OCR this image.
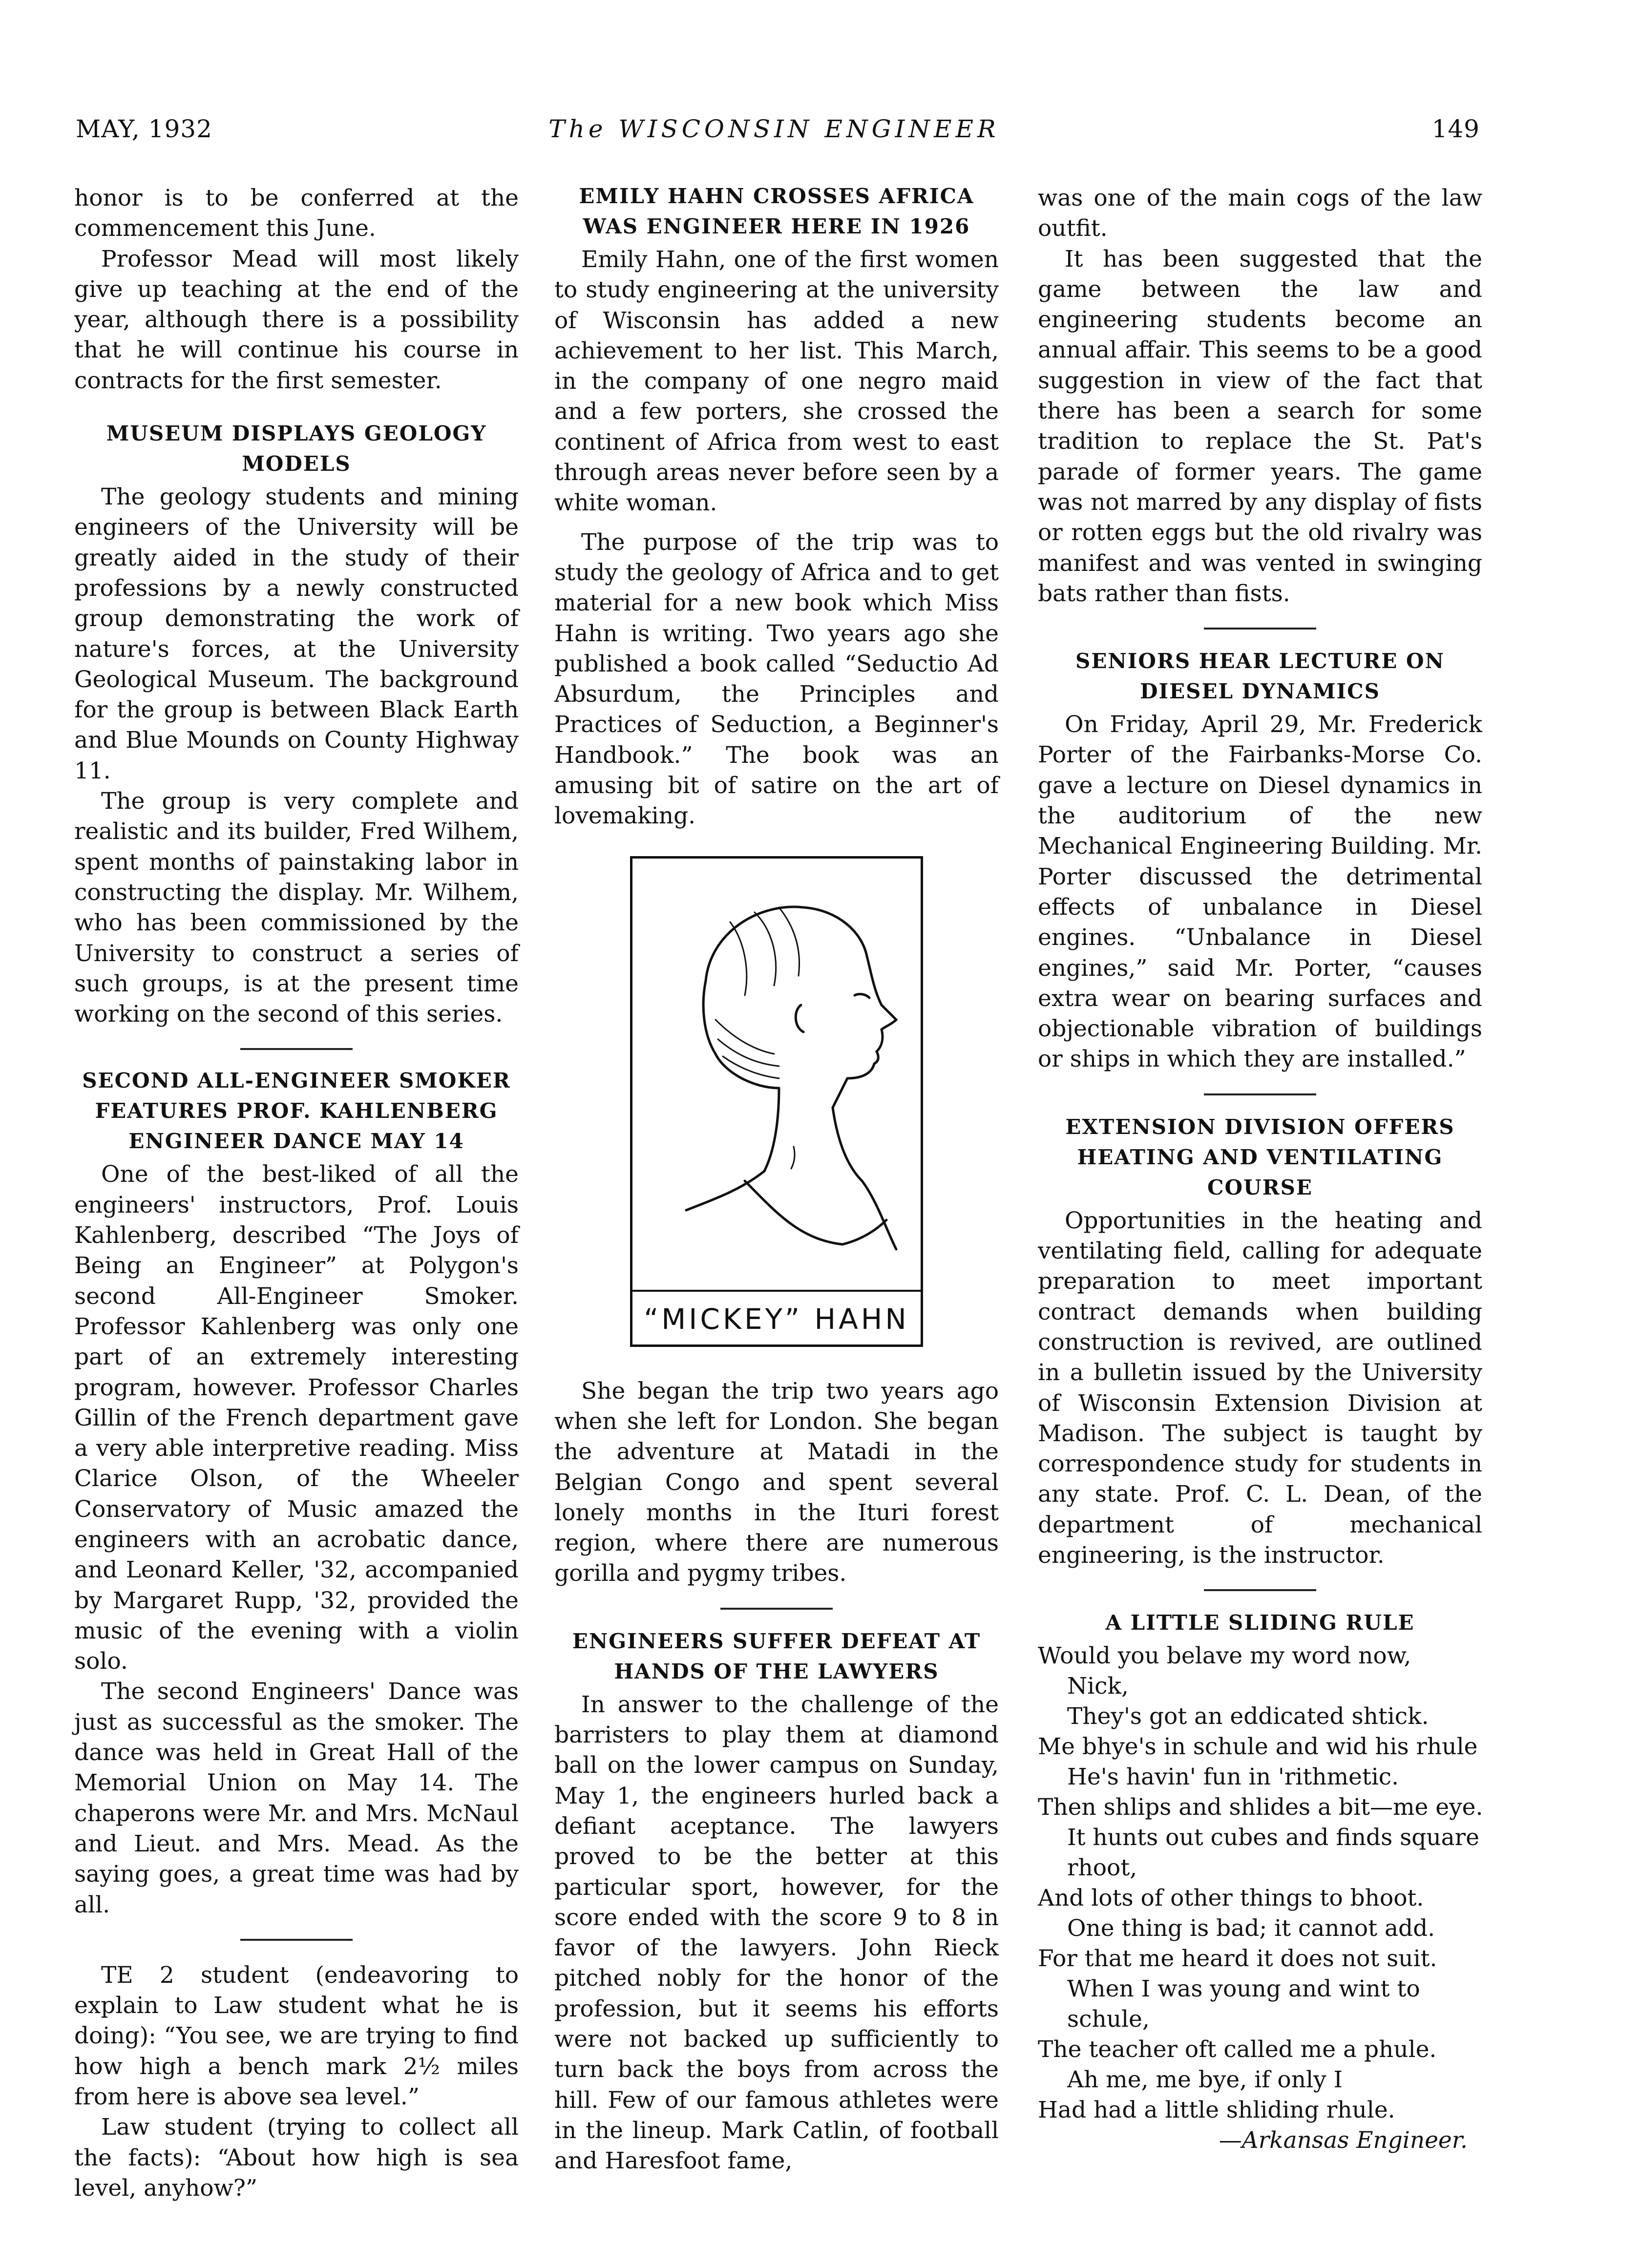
MAY, 1932	The WISCONSIN ENGINEER	149

honor is to be conferred at the commencement this June.

Professor Mead will most likely give up teaching at the end of the year, although there is a possibility that he will continue his course in contracts for the first semester.

MUSEUM DISPLAYS GEOLOGY MODELS

The geology students and mining engineers of the University will be greatly aided in the study of their professions by a newly constructed group demonstrating the work of nature's forces, at the University Geological Museum. The background for the group is between Black Earth and Blue Mounds on County Highway 11.

The group is very complete and realistic and its builder, Fred Wilhem, spent months of painstaking labor in constructing the display. Mr. Wilhem, who has been commissioned by the University to construct a series of such groups, is at the present time working on the second of this series.

SECOND ALL-ENGINEER SMOKER FEATURES PROF. KAHLENBERG ENGINEER DANCE MAY 14

One of the best-liked of all the engineers' instructors, Prof. Louis Kahlenberg, described “The Joys of Being an Engineer” at Polygon's second All-Engineer Smoker. Professor Kahlenberg was only one part of an extremely interesting program, however. Professor Charles Gillin of the French department gave a very able interpretive reading. Miss Clarice Olson, of the Wheeler Conservatory of Music amazed the engineers with an acrobatic dance, and Leonard Keller, '32, accompanied by Margaret Rupp, '32, provided the music of the evening with a violin solo.

The second Engineers' Dance was just as successful as the smoker. The dance was held in Great Hall of the Memorial Union on May 14. The chaperons were Mr. and Mrs. McNaul and Lieut. and Mrs. Mead. As the saying goes, a great time was had by all.

TE 2 student (endeavoring to explain to Law student what he is doing): “You see, we are trying to find how high a bench mark 2½ miles from here is above sea level.”

Law student (trying to collect all the facts): “About how high is sea level, anyhow?”

EMILY HAHN CROSSES AFRICA WAS ENGINEER HERE IN 1926

Emily Hahn, one of the first women to study engineering at the university of Wisconsin has added a new achievement to her list. This March, in the company of one negro maid and a few porters, she crossed the continent of Africa from west to east through areas never before seen by a white woman.

The purpose of the trip was to study the geology of Africa and to get material for a new book which Miss Hahn is writing. Two years ago she published a book called “Seductio Ad Absurdum, the Principles and Practices of Seduction, a Beginner's Handbook.” The book was an amusing bit of satire on the art of lovemaking.

“MICKEY” HAHN

She began the trip two years ago when she left for London. She began the adventure at Matadi in the Belgian Congo and spent several lonely months in the Ituri forest region, where there are numerous gorilla and pygmy tribes.

ENGINEERS SUFFER DEFEAT AT HANDS OF THE LAWYERS

In answer to the challenge of the barristers to play them at diamond ball on the lower campus on Sunday, May 1, the engineers hurled back a defiant aceptance. The lawyers proved to be the better at this particular sport, however, for the score ended with the score 9 to 8 in favor of the lawyers. John Rieck pitched nobly for the honor of the profession, but it seems his efforts were not backed up sufficiently to turn back the boys from across the hill. Few of our famous athletes were in the lineup. Mark Catlin, of football and Haresfoot fame,

was one of the main cogs of the law outfit.

It has been suggested that the game between the law and engineering students become an annual affair. This seems to be a good suggestion in view of the fact that there has been a search for some tradition to replace the St. Pat's parade of former years. The game was not marred by any display of fists or rotten eggs but the old rivalry was manifest and was vented in swinging bats rather than fists.

SENIORS HEAR LECTURE ON DIESEL DYNAMICS

On Friday, April 29, Mr. Frederick Porter of the Fairbanks-Morse Co. gave a lecture on Diesel dynamics in the auditorium of the new Mechanical Engineering Building. Mr. Porter discussed the detrimental effects of unbalance in Diesel engines. “Unbalance in Diesel engines,” said Mr. Porter, “causes extra wear on bearing surfaces and objectionable vibration of buildings or ships in which they are installed.”

EXTENSION DIVISION OFFERS HEATING AND VENTILATING COURSE

Opportunities in the heating and ventilating field, calling for adequate preparation to meet important contract demands when building construction is revived, are outlined in a bulletin issued by the University of Wisconsin Extension Division at Madison. The subject is taught by correspondence study for students in any state. Prof. C. L. Dean, of the department of mechanical engineering, is the instructor.

A LITTLE SLIDING RULE
Would you belave my word now,
Nick,
They's got an eddicated shtick.
Me bhye's in schule and wid his rhule
He's havin' fun in 'rithmetic.
Then shlips and shlides a bit—me eye.
It hunts out cubes and finds square
rhoot,
And lots of other things to bhoot.
One thing is bad; it cannot add.
For that me heard it does not suit.
When I was young and wint to
schule,
The teacher oft called me a phule.
Ah me, me bye, if only I
Had had a little shliding rhule.
—Arkansas Engineer.
